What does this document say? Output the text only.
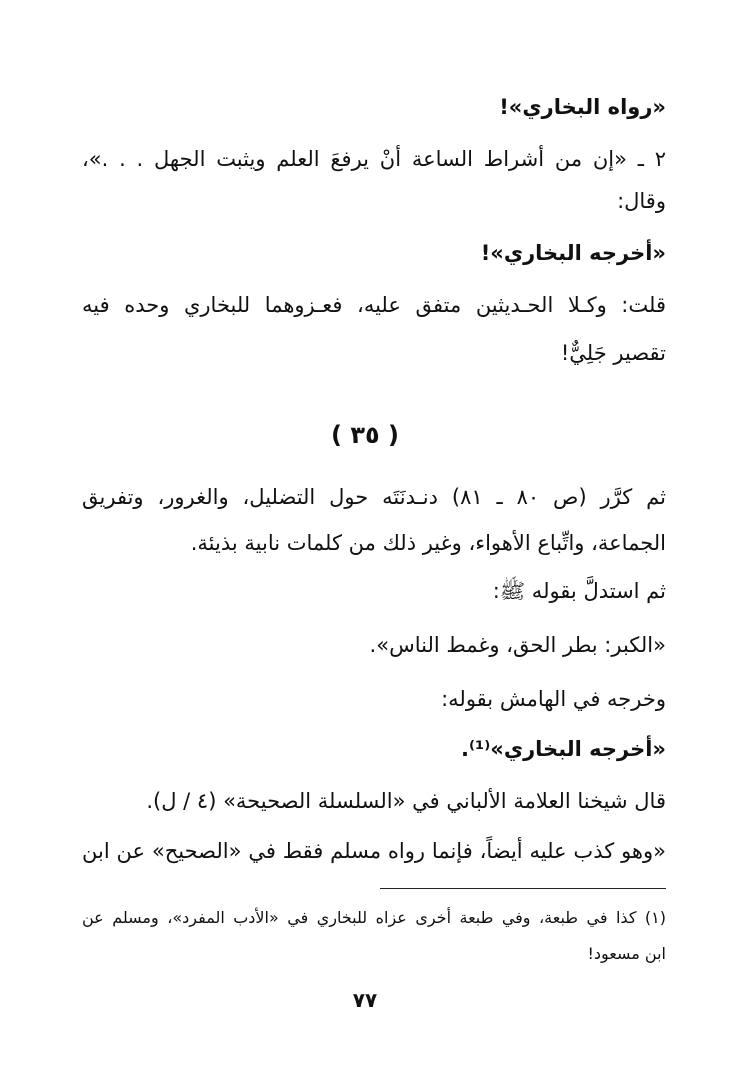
«رواه البخاري»!
٢ ـ «إن من أشراط الساعة أنْ يرفعَ العلم ويثبت الجهل . . .»،
وقال:
«أخرجه البخاري»!
قلت: وكـلا الحـديثين متفق عليه، فعـزوهما للبخاري وحده فيه
تقصير جَلِيٌّ!
( ٣٥ )
ثم كرَّر (ص ٨٠ ـ ٨١) دنـدنَتَه حول التضليل، والغرور، وتفريق
الجماعة، واتِّباع الأهواء، وغير ذلك من كلمات نابية بذيئة.
ثم استدلَّ بقوله ﷺ:
«الكبر: بطر الحق، وغمط الناس».
وخرجه في الهامش بقوله:
«أخرجه البخاري»⁽¹⁾.
قال شيخنا العلامة الألباني في «السلسلة الصحيحة» (٤ / ل).
«وهو كذب عليه أيضاً، فإنما رواه مسلم فقط في «الصحيح» عن ابن
(١) كذا في طبعة، وفي طبعة أخرى عزاه للبخاري في «الأدب المفرد»، ومسلم عن
ابن مسعود!
٧٧
